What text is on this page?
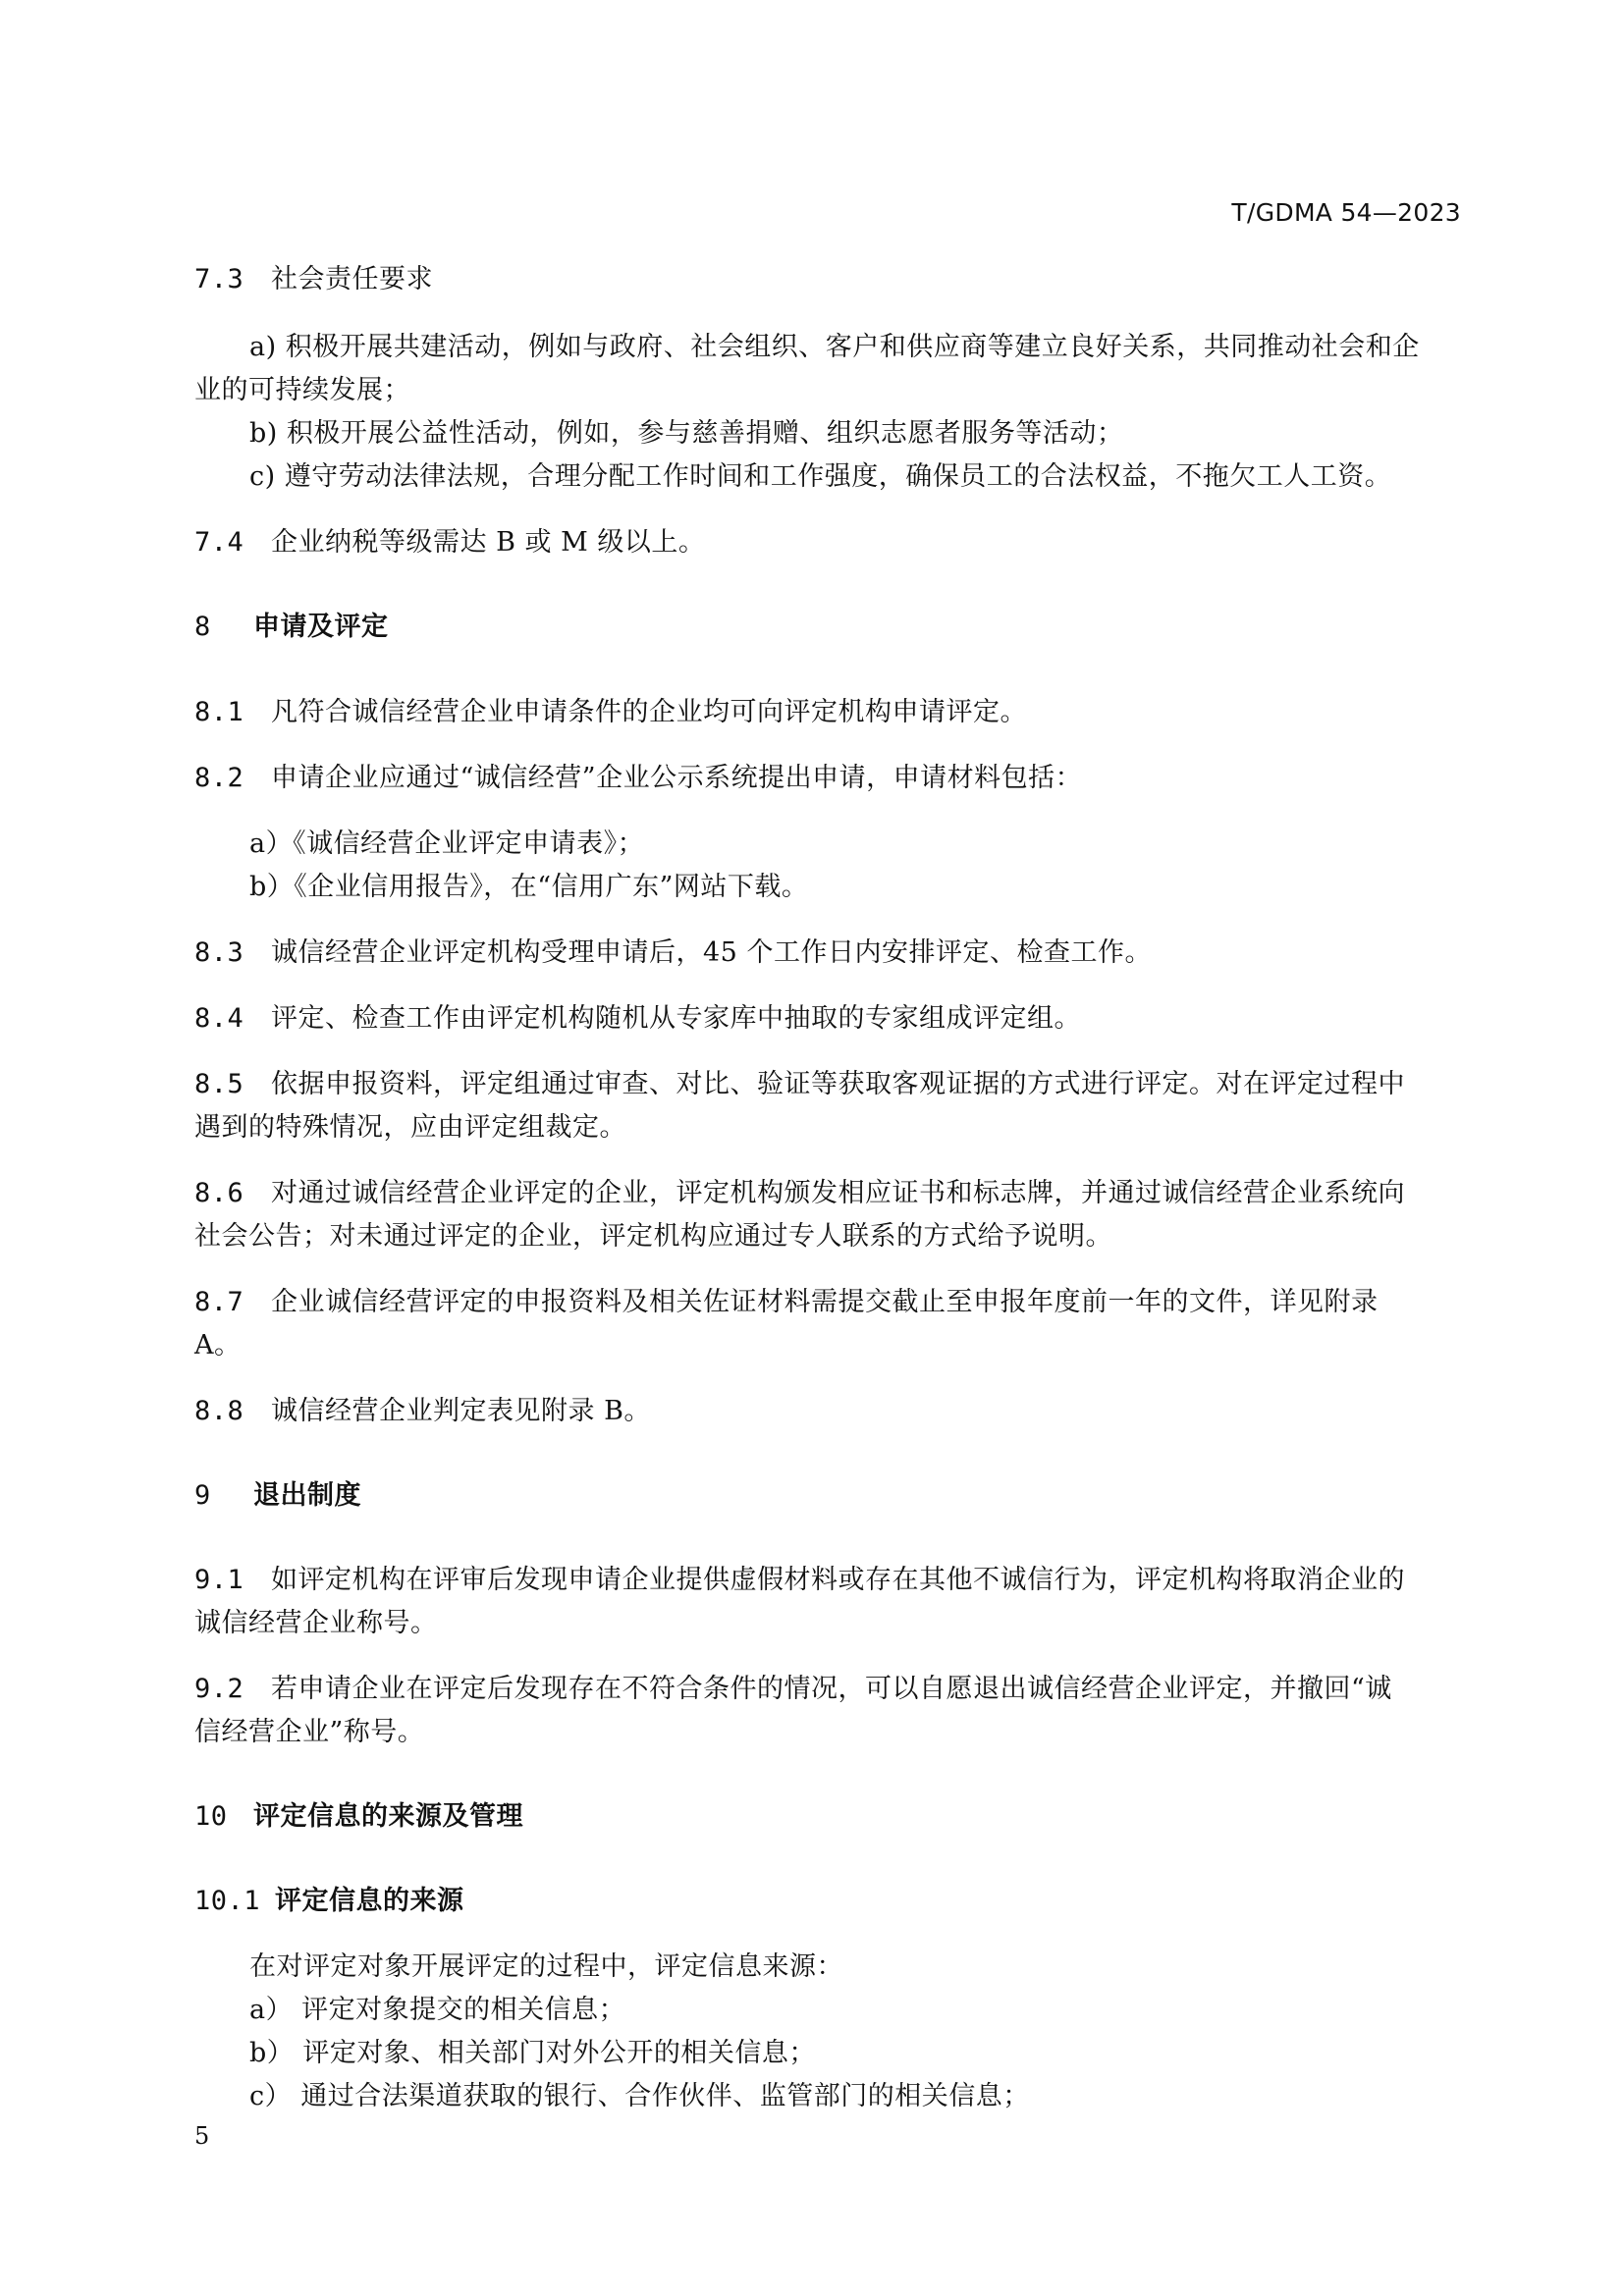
T/GDMA 54—2023
7.3 社会责任要求
a) 积极开展共建活动，例如与政府、社会组织、客户和供应商等建立良好关系，共同推动社会和企
业的可持续发展；
b) 积极开展公益性活动，例如，参与慈善捐赠、组织志愿者服务等活动；
c) 遵守劳动法律法规，合理分配工作时间和工作强度，确保员工的合法权益，不拖欠工人工资。
7.4 企业纳税等级需达 B 或 M 级以上。
8 申请及评定
8.1 凡符合诚信经营企业申请条件的企业均可向评定机构申请评定。
8.2 申请企业应通过“诚信经营”企业公示系统提出申请，申请材料包括：
a）《诚信经营企业评定申请表》；
b）《企业信用报告》，在“信用广东”网站下载。
8.3 诚信经营企业评定机构受理申请后，45 个工作日内安排评定、检查工作。
8.4 评定、检查工作由评定机构随机从专家库中抽取的专家组成评定组。
8.5 依据申报资料，评定组通过审查、对比、验证等获取客观证据的方式进行评定。对在评定过程中
遇到的特殊情况，应由评定组裁定。
8.6 对通过诚信经营企业评定的企业，评定机构颁发相应证书和标志牌，并通过诚信经营企业系统向
社会公告；对未通过评定的企业，评定机构应通过专人联系的方式给予说明。
8.7 企业诚信经营评定的申报资料及相关佐证材料需提交截止至申报年度前一年的文件，详见附录
A。
8.8 诚信经营企业判定表见附录 B。
9 退出制度
9.1 如评定机构在评审后发现申请企业提供虚假材料或存在其他不诚信行为，评定机构将取消企业的
诚信经营企业称号。
9.2 若申请企业在评定后发现存在不符合条件的情况，可以自愿退出诚信经营企业评定，并撤回“诚
信经营企业”称号。
10 评定信息的来源及管理
10.1 评定信息的来源
在对评定对象开展评定的过程中，评定信息来源：
a） 评定对象提交的相关信息；
b） 评定对象、相关部门对外公开的相关信息；
c） 通过合法渠道获取的银行、合作伙伴、监管部门的相关信息；
5
